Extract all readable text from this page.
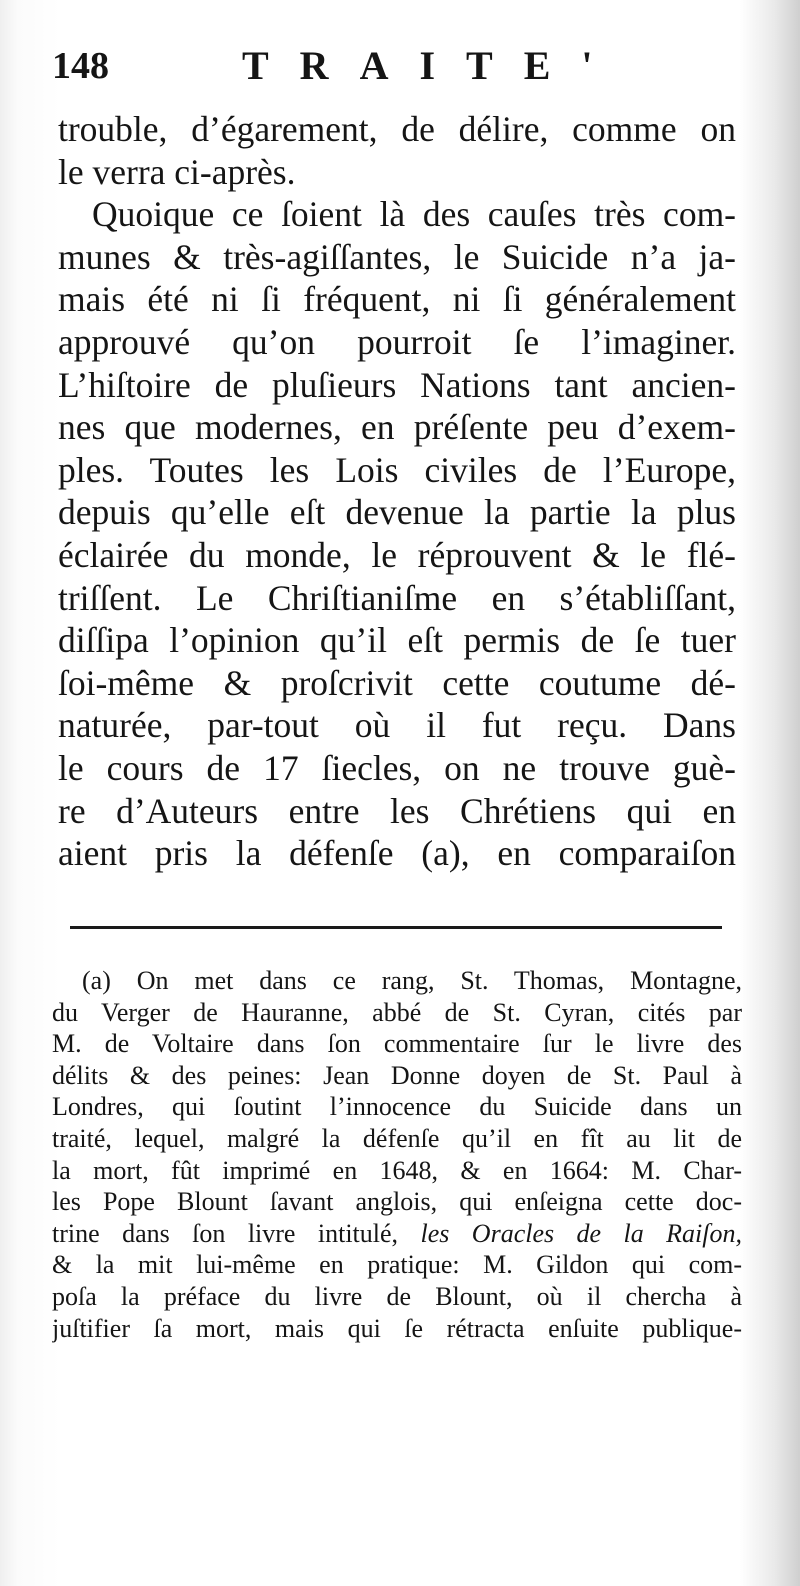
148	TRAITE'
trouble, d’égarement, de délire, comme on
le verra ci-après.
Quoique ce ſoient là des cauſes très com-
munes & très-agiſſantes, le Suicide n’a ja-
mais été ni ſi fréquent, ni ſi généralement
approuvé qu’on pourroit ſe l’imaginer.
L’hiſtoire de pluſieurs Nations tant ancien-
nes que modernes, en préſente peu d’exem-
ples. Toutes les Lois civiles de l’Europe,
depuis qu’elle eſt devenue la partie la plus
éclairée du monde, le réprouvent & le flé-
triſſent. Le Chriſtianiſme en s’établiſſant,
diſſipa l’opinion qu’il eſt permis de ſe tuer
ſoi-même & proſcrivit cette coutume dé-
naturée, par-tout où il fut reçu. Dans
le cours de 17 ſiecles, on ne trouve guè-
re d’Auteurs entre les Chrétiens qui en
aient pris la défenſe (a), en comparaiſon
(a) On met dans ce rang, St. Thomas, Montagne,
du Verger de Hauranne, abbé de St. Cyran, cités par
M. de Voltaire dans ſon commentaire ſur le livre des
délits & des peines: Jean Donne doyen de St. Paul à
Londres, qui ſoutint l’innocence du Suicide dans un
traité, lequel, malgré la défenſe qu’il en fît au lit de
la mort, fût imprimé en 1648, & en 1664: M. Char-
les Pope Blount ſavant anglois, qui enſeigna cette doc-
trine dans ſon livre intitulé, les Oracles de la Raiſon,
& la mit lui-même en pratique: M. Gildon qui com-
poſa la préface du livre de Blount, où il chercha à
juſtifier ſa mort, mais qui ſe rétracta enſuite publique-
